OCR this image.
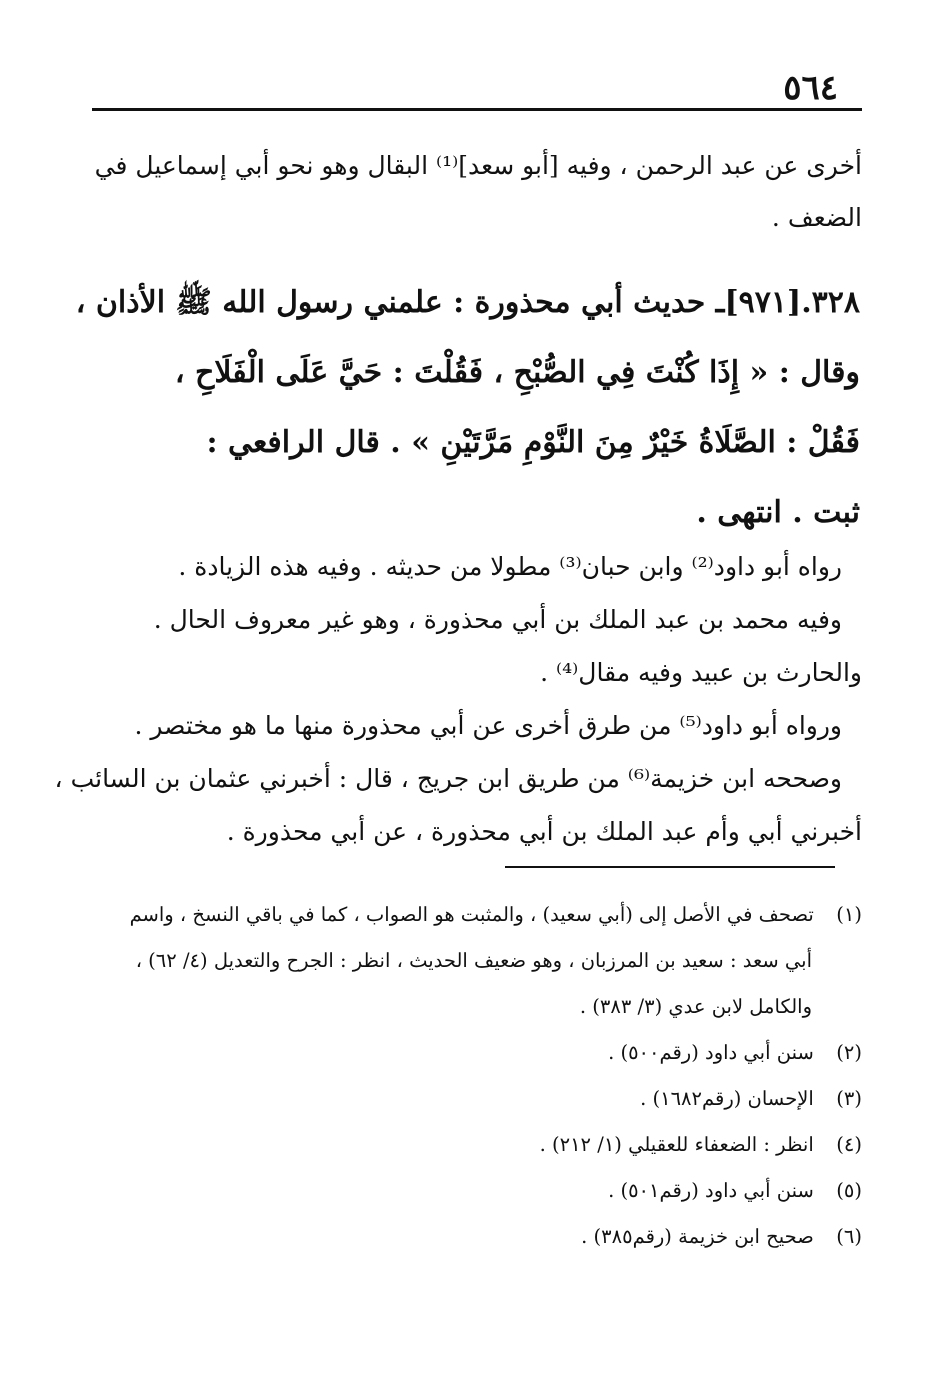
٥٦٤
أخرى عن عبد الرحمن ، وفيه [أبو سعد]⁽¹⁾ البقال وهو نحو أبي إسماعيل في
الضعف .
٣٢٨.[٩٧١]ـ حديث أبي محذورة : علمني رسول الله ﷺ الأذان ،
وقال : « إِذَا كُنْتَ فِي الصُّبْحِ ، فَقُلْتَ : حَيَّ عَلَى الْفَلَاحِ ،
فَقُلْ : الصَّلَاةُ خَيْرٌ مِنَ النَّوْمِ مَرَّتَيْنِ » . قال الرافعي :
ثبت . انتهى .
رواه أبو داود⁽²⁾ وابن حبان⁽³⁾ مطولا من حديثه . وفيه هذه الزيادة .
وفيه محمد بن عبد الملك بن أبي محذورة ، وهو غير معروف الحال .
والحارث بن عبيد وفيه مقال⁽⁴⁾ .
ورواه أبو داود⁽⁵⁾ من طرق أخرى عن أبي محذورة منها ما هو مختصر .
وصححه ابن خزيمة⁽⁶⁾ من طريق ابن جريج ، قال : أخبرني عثمان بن السائب ،
أخبرني أبي وأم عبد الملك بن أبي محذورة ، عن أبي محذورة .
(١) تصحف في الأصل إلى (أبي سعيد) ، والمثبت هو الصواب ، كما في باقي النسخ ، واسم
أبي سعد : سعيد بن المرزبان ، وهو ضعيف الحديث ، انظر : الجرح والتعديل (٤/ ٦٢) ،
والكامل لابن عدي (٣/ ٣٨٣) .
(٢) سنن أبي داود (رقم٥٠٠) .
(٣) الإحسان (رقم١٦٨٢) .
(٤) انظر : الضعفاء للعقيلي (١/ ٢١٢) .
(٥) سنن أبي داود (رقم٥٠١) .
(٦) صحيح ابن خزيمة (رقم٣٨٥) .
